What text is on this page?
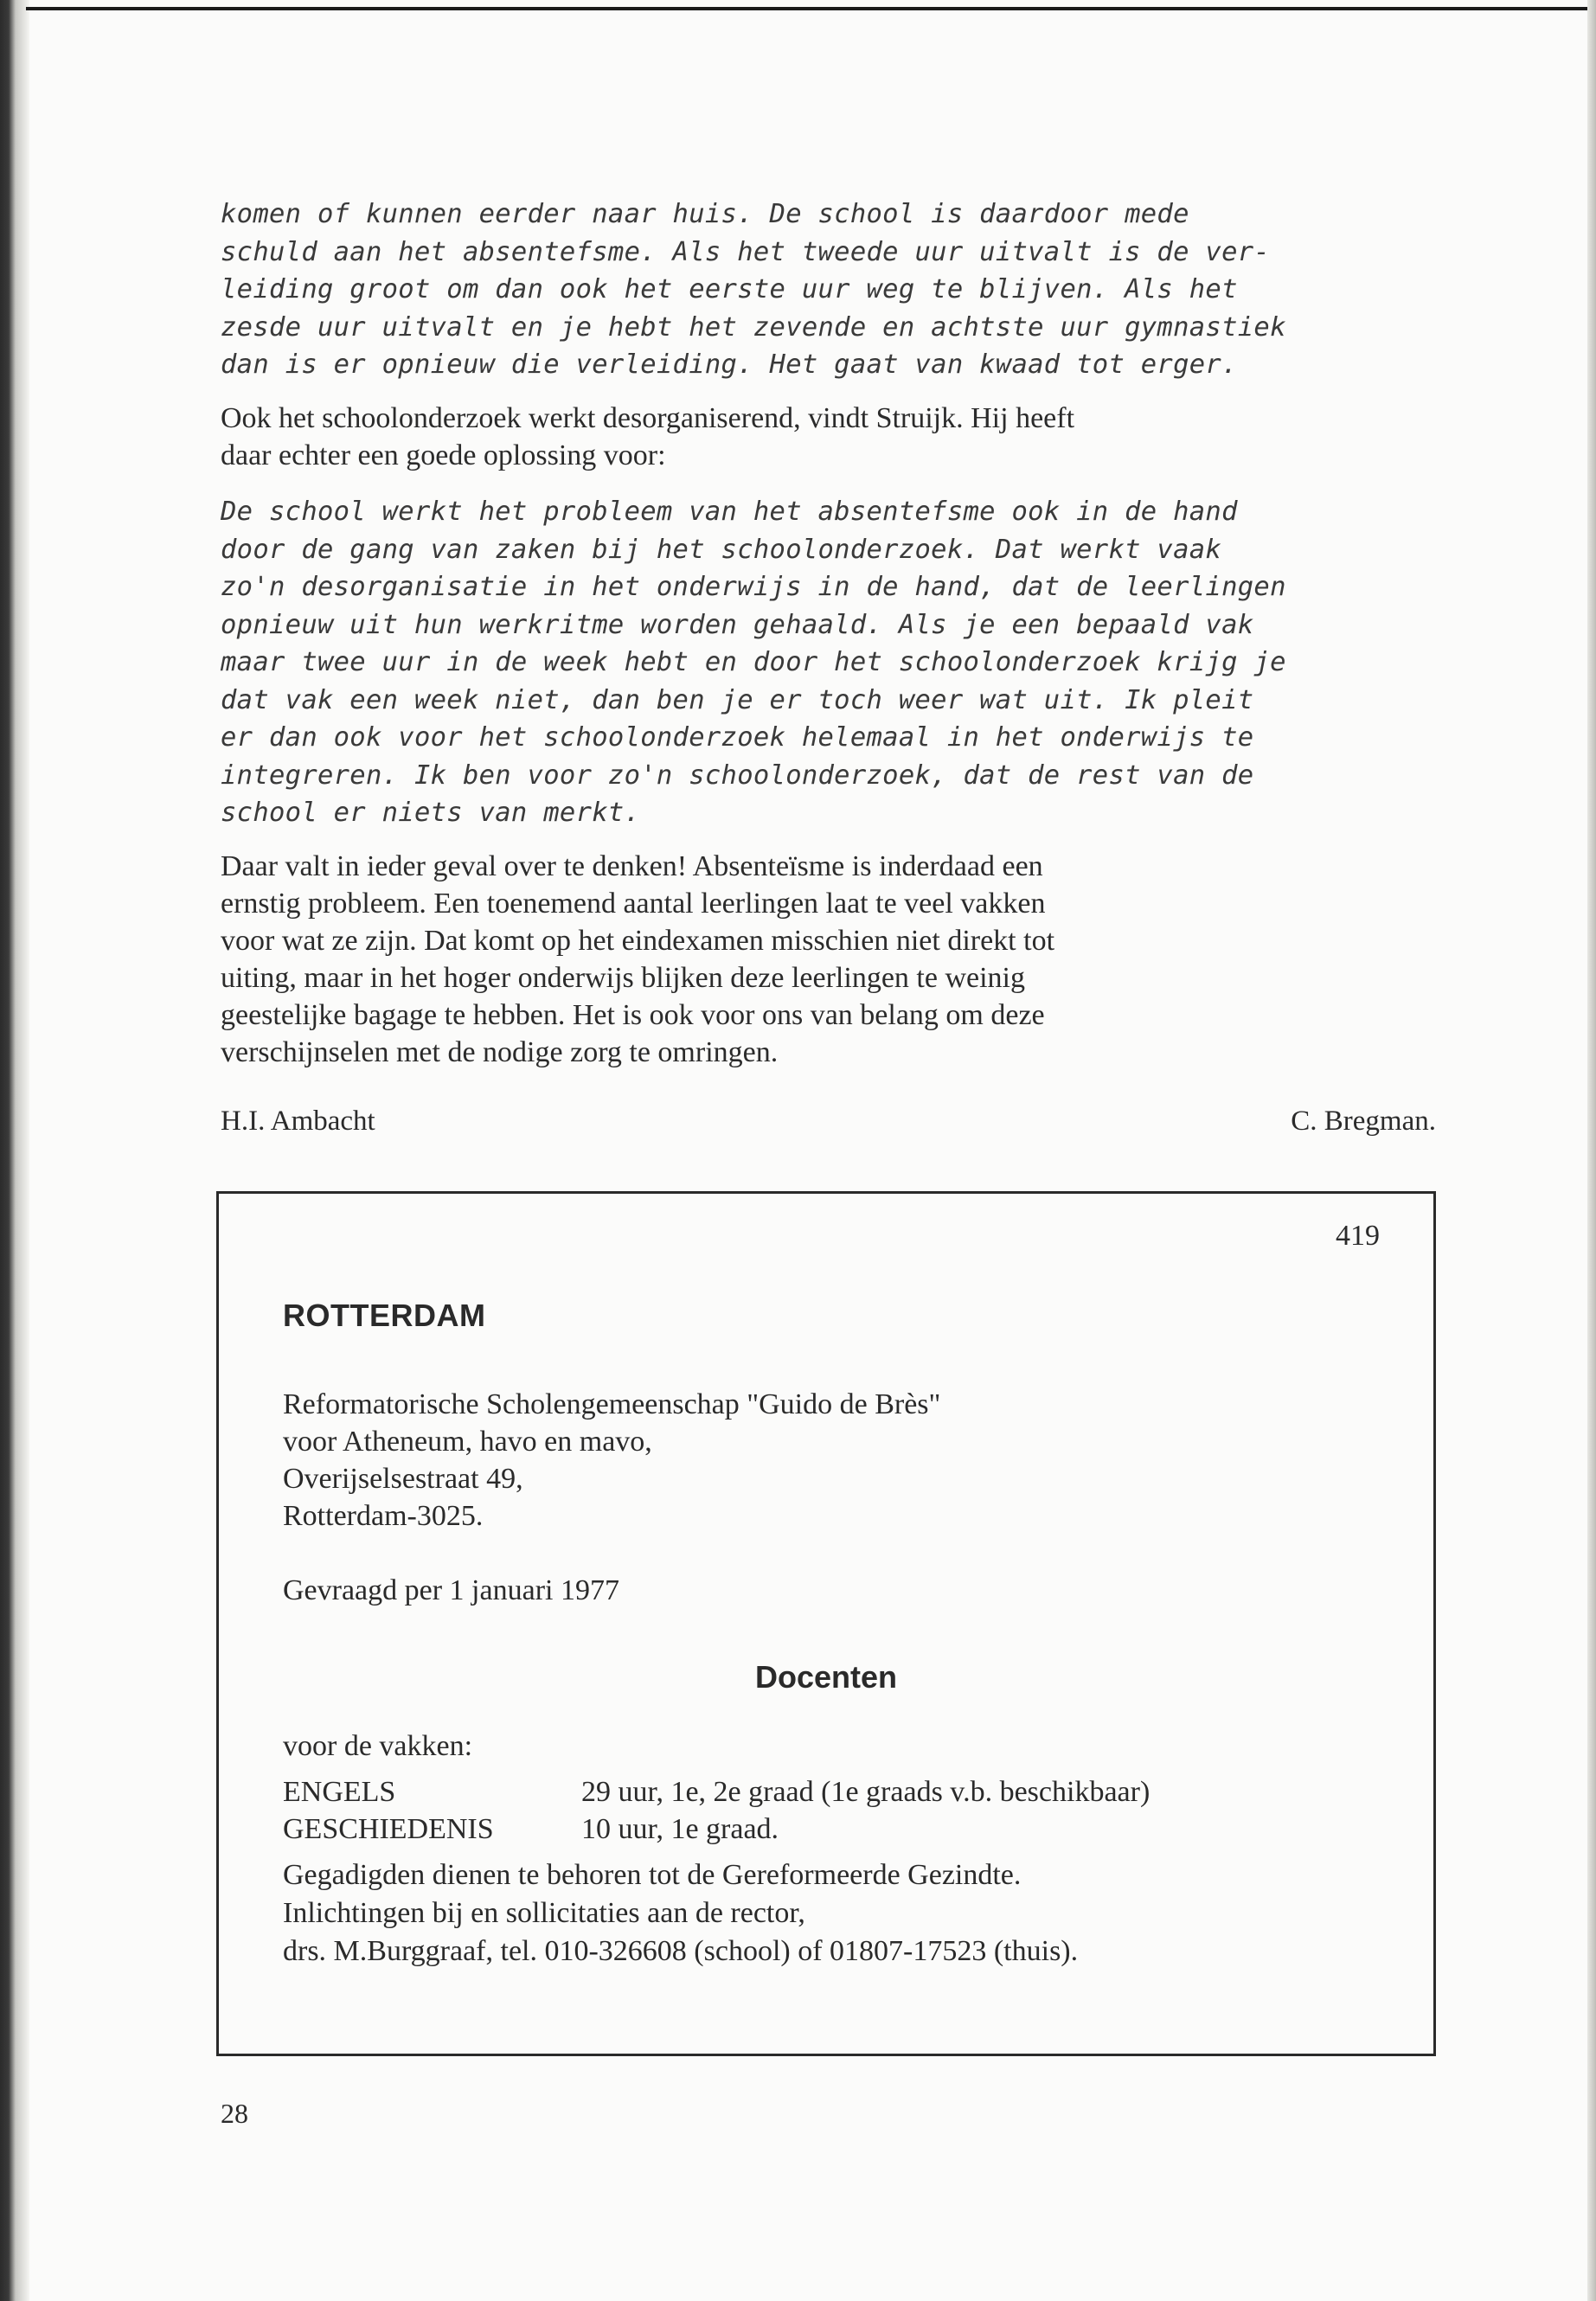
komen of kunnen eerder naar huis. De school is daardoor mede

schuld aan het absentefsme. Als het tweede uur uitvalt is de ver-

leiding groot om dan ook het eerste uur weg te blijven. Als het

zesde uur uitvalt en je hebt het zevende en achtste uur gymnastiek

dan is er opnieuw die verleiding. Het gaat van kwaad tot erger.

Ook het schoolonderzoek werkt desorganiserend, vindt Struijk. Hij heeft

daar echter een goede oplossing voor:

De school werkt het probleem van het absentefsme ook in de hand

door de gang van zaken bij het schoolonderzoek. Dat werkt vaak

zo'n desorganisatie in het onderwijs in de hand, dat de leerlingen

opnieuw uit hun werkritme worden gehaald. Als je een bepaald vak

maar twee uur in de week hebt en door het schoolonderzoek krijg je

dat vak een week niet, dan ben je er toch weer wat uit. Ik pleit

er dan ook voor het schoolonderzoek helemaal in het onderwijs te

integreren. Ik ben voor zo'n schoolonderzoek, dat de rest van de

school er niets van merkt.

Daar valt in ieder geval over te denken! Absenteïsme is inderdaad een

ernstig probleem. Een toenemend aantal leerlingen laat te veel vakken

voor wat ze zijn. Dat komt op het eindexamen misschien niet direkt tot

uiting, maar in het hoger onderwijs blijken deze leerlingen te weinig

geestelijke bagage te hebben. Het is ook voor ons van belang om deze

verschijnselen met de nodige zorg te omringen.

H.I. Ambacht	C. Bregman.
419
ROTTERDAM
Reformatorische Scholengemeenschap "Guido de Brès"
voor Atheneum, havo en mavo,
Overijselsestraat 49,
Rotterdam-3025.
Gevraagd per 1 januari 1977
Docenten
voor de vakken:
ENGELS	29 uur, 1e, 2e graad (1e graads v.b. beschikbaar)
GESCHIEDENIS	10 uur, 1e graad.
Gegadigden dienen te behoren tot de Gereformeerde Gezindte.
Inlichtingen bij en sollicitaties aan de rector,
drs. M.Burggraaf, tel. 010-326608 (school) of 01807-17523 (thuis).
28
